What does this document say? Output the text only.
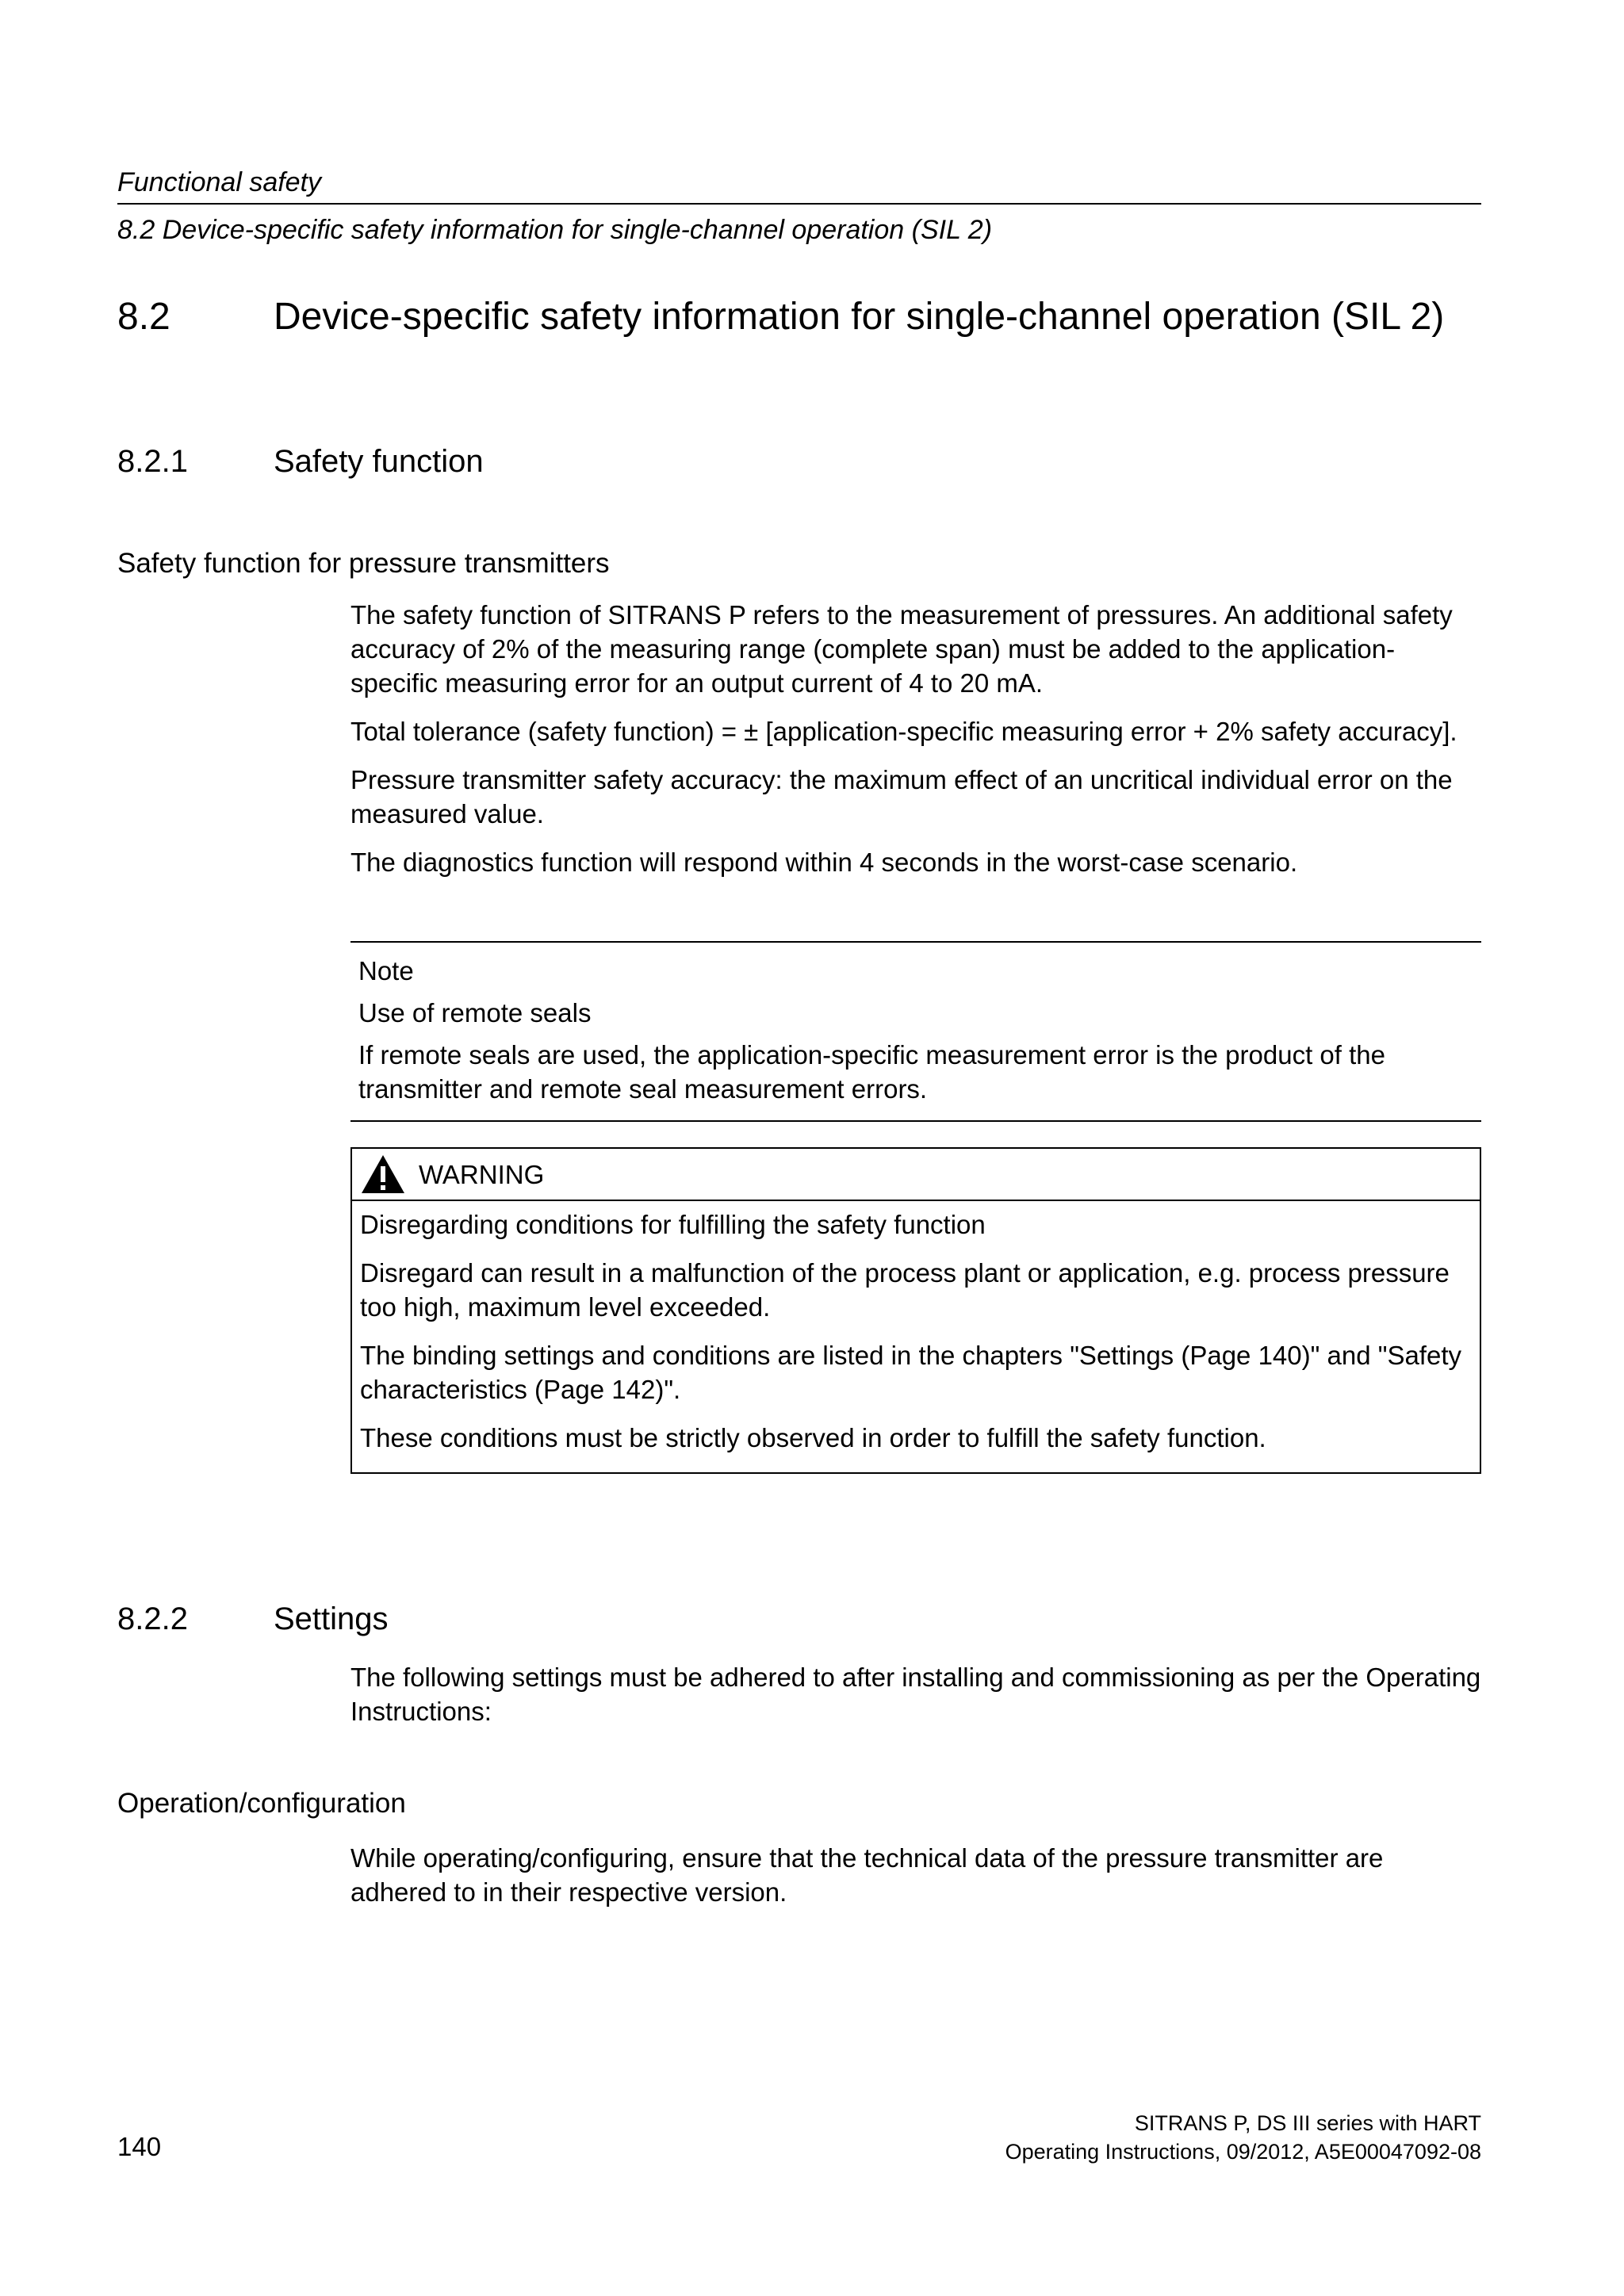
Functional safety
8.2 Device-specific safety information for single-channel operation (SIL 2)
8.2	Device-specific safety information for single-channel operation (SIL 2)
8.2.1	Safety function
Safety function for pressure transmitters

The safety function of SITRANS P refers to the measurement of pressures. An additional safety accuracy of 2% of the measuring range (complete span) must be added to the application-specific measuring error for an output current of 4 to 20 mA.

Total tolerance (safety function) = ± [application-specific measuring error + 2% safety accuracy].

Pressure transmitter safety accuracy: the maximum effect of an uncritical individual error on the measured value.

The diagnostics function will respond within 4 seconds in the worst-case scenario.

Note

Use of remote seals

If remote seals are used, the application-specific measurement error is the product of the transmitter and remote seal measurement errors.

WARNING

Disregarding conditions for fulfilling the safety function

Disregard can result in a malfunction of the process plant or application, e.g. process pressure too high, maximum level exceeded.

The binding settings and conditions are listed in the chapters "Settings (Page 140)" and "Safety characteristics (Page 142)".

These conditions must be strictly observed in order to fulfill the safety function.

8.2.2	Settings

The following settings must be adhered to after installing and commissioning as per the Operating Instructions:

Operation/configuration

While operating/configuring, ensure that the technical data of the pressure transmitter are adhered to in their respective version.

140
SITRANS P, DS III series with HART
Operating Instructions, 09/2012, A5E00047092-08
